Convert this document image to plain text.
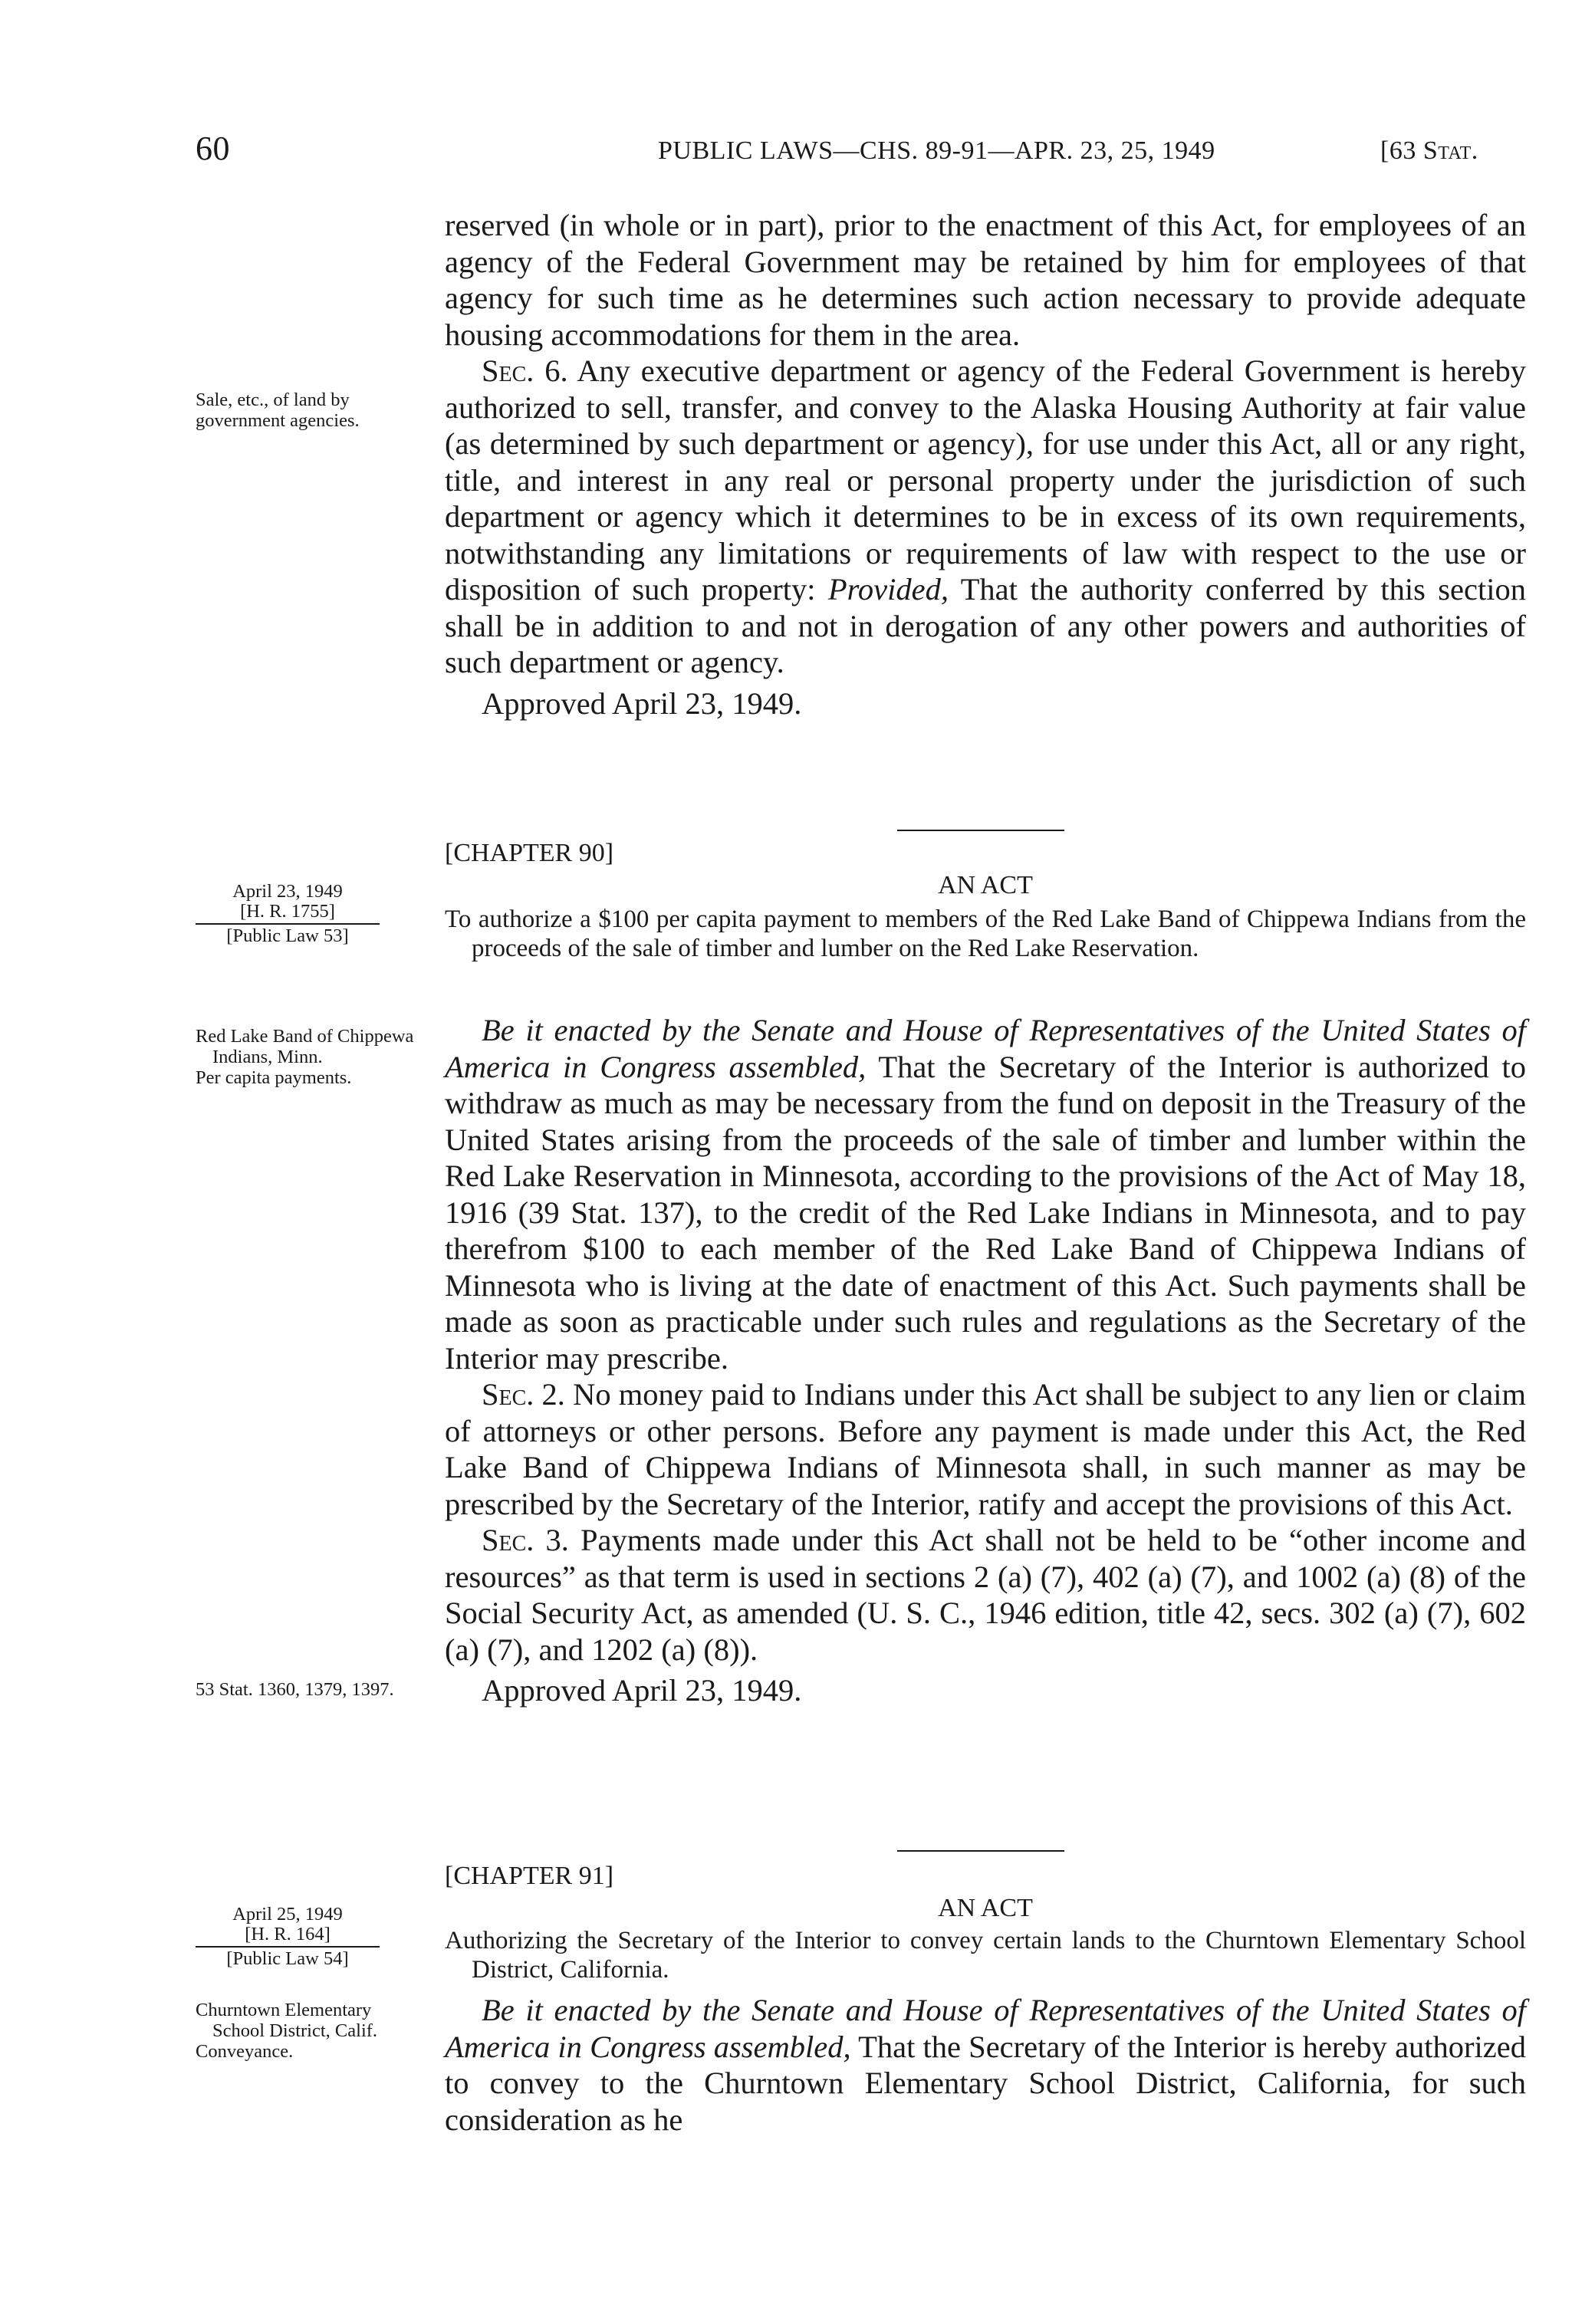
60	PUBLIC LAWS—CHS. 89-91—APR. 23, 25, 1949	[63 Stat.

reserved (in whole or in part), prior to the enactment of this Act, for employees of an agency of the Federal Government may be retained by him for employees of that agency for such time as he determines such action necessary to provide adequate housing accommodations for them in the area.

Sec. 6. Any executive department or agency of the Federal Government is hereby authorized to sell, transfer, and convey to the Alaska Housing Authority at fair value (as determined by such department or agency), for use under this Act, all or any right, title, and interest in any real or personal property under the jurisdiction of such department or agency which it determines to be in excess of its own requirements, notwithstanding any limitations or requirements of law with respect to the use or disposition of such property: Provided, That the authority conferred by this section shall be in addition to and not in derogation of any other powers and authorities of such department or agency.

Approved April 23, 1949.

Sale, etc., of land by government agencies.
[CHAPTER 90]
AN ACT
April 23, 1949
[H. R. 1755]
[Public Law 53]
To authorize a $100 per capita payment to members of the Red Lake Band of Chippewa Indians from the proceeds of the sale of timber and lumber on the Red Lake Reservation.
Red Lake Band of Chippewa Indians, Minn.
Per capita payments.

Be it enacted by the Senate and House of Representatives of the United States of America in Congress assembled, That the Secretary of the Interior is authorized to withdraw as much as may be necessary from the fund on deposit in the Treasury of the United States arising from the proceeds of the sale of timber and lumber within the Red Lake Reservation in Minnesota, according to the provisions of the Act of May 18, 1916 (39 Stat. 137), to the credit of the Red Lake Indians in Minnesota, and to pay therefrom $100 to each member of the Red Lake Band of Chippewa Indians of Minnesota who is living at the date of enactment of this Act. Such payments shall be made as soon as practicable under such rules and regulations as the Secretary of the Interior may prescribe.

Sec. 2. No money paid to Indians under this Act shall be subject to any lien or claim of attorneys or other persons. Before any payment is made under this Act, the Red Lake Band of Chippewa Indians of Minnesota shall, in such manner as may be prescribed by the Secretary of the Interior, ratify and accept the provisions of this Act.

Sec. 3. Payments made under this Act shall not be held to be “other income and resources” as that term is used in sections 2 (a) (7), 402 (a) (7), and 1002 (a) (8) of the Social Security Act, as amended (U. S. C., 1946 edition, title 42, secs. 302 (a) (7), 602 (a) (7), and 1202 (a) (8)).

Approved April 23, 1949.

53 Stat. 1360, 1379, 1397.
[CHAPTER 91]
AN ACT
April 25, 1949
[H. R. 164]
[Public Law 54]
Authorizing the Secretary of the Interior to convey certain lands to the Churntown Elementary School District, California.
Churntown Elementary School District, Calif.
Conveyance.

Be it enacted by the Senate and House of Representatives of the United States of America in Congress assembled, That the Secretary of the Interior is hereby authorized to convey to the Churntown Elementary School District, California, for such consideration as he
